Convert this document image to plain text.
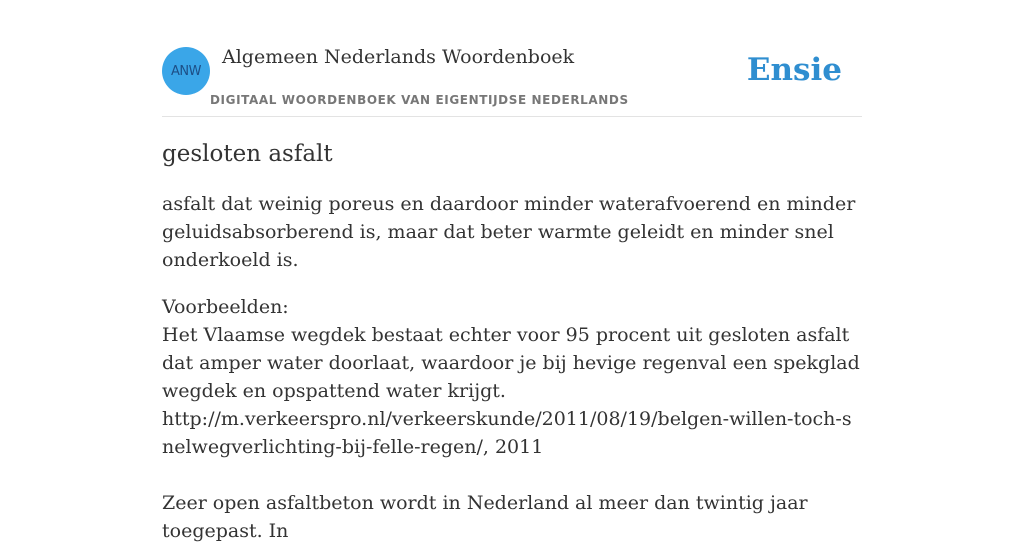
ANW
Algemeen Nederlands Woordenboek
DIGITAAL WOORDENBOEK VAN EIGENTIJDSE NEDERLANDS
Ensie
gesloten asfalt

asfalt dat weinig poreus en daardoor minder waterafvoerend en minder geluidsabsorberend is, maar dat beter warmte geleidt en minder snel onderkoeld is.

Voorbeelden:
Het Vlaamse wegdek bestaat echter voor 95 procent uit gesloten asfalt dat amper water doorlaat, waardoor je bij hevige regenval een spekglad wegdek en opspattend water krijgt.
http://m.verkeerspro.nl/verkeerskunde/2011/08/19/belgen-willen-toch-snelwegverlichting-bij-felle-regen/, 2011
Zeer open asfaltbeton wordt in Nederland al meer dan twintig jaar toegepast. In
